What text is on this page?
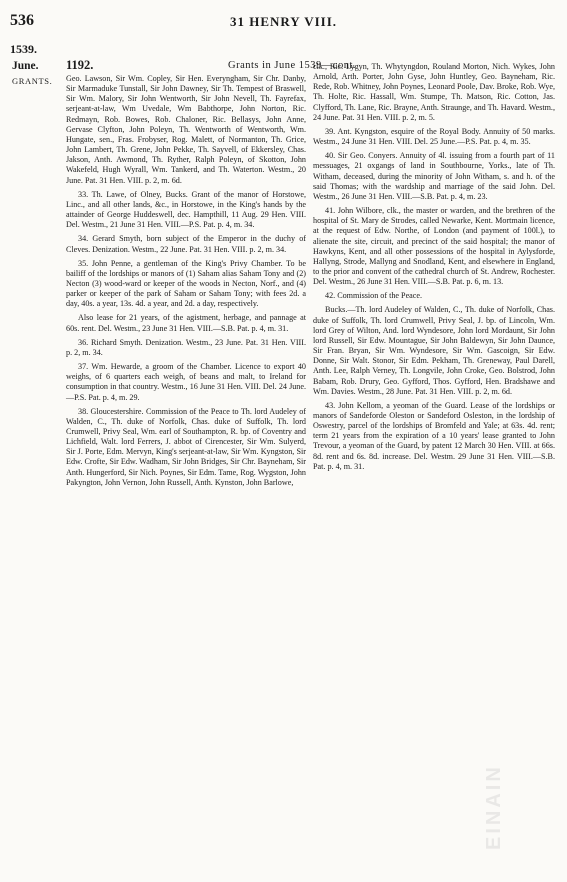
536	31 HENRY VIII.
1539.
June.
GRANTS.
1192.	Grants in June 1539—cont.

Geo. Lawson, Sir Wm. Copley, Sir Hen. Everyngham, Sir Chr. Danby, Sir Marmaduke Tunstall, Sir John Dawney, Sir Th. Tempest of Braswell, Sir Wm. Malory, Sir John Wentworth, Sir John Nevell, Th. Fayrefax, serjeant-at-law, Wm Uvedale, Wm Babthorpe, John Norton, Ric. Redmayn, Rob. Bowes, Rob. Chaloner, Ric. Bellasys, John Anne, Gervase Clyfton, John Poleyn, Th. Wentworth of Wentworth, Wm. Hungate, sen., Fras. Frobyser, Rog. Malett, of Normanton, Th. Grice, John Lambert, Th. Grene, John Pekke, Th. Sayvell, of Ekkersley, Chas. Jakson, Anth. Awmond, Th. Ryther, Ralph Poleyn, of Skotton, John Wakefeld, Hugh Wyrall, Wm. Tankerd, and Th. Waterton. Westm., 20 June. Pat. 31 Hen. VIII. p. 2, m. 6d.

33. Th. Lawe, of Olney, Bucks. Grant of the manor of Horstowe, Linc., and all other lands, &c., in Horstowe, in the King's hands by the attainder of George Huddeswell, dec. Hampthill, 11 Aug. 29 Hen. VIII. Del. Westm., 21 June 31 Hen. VIII.—P.S. Pat. p. 4, m. 34.

34. Gerard Smyth, born subject of the Emperor in the duchy of Cleves. Denization. Westm., 22 June. Pat. 31 Hen. VIII. p. 2, m. 34.

35. John Penne, a gentleman of the King's Privy Chamber. To be bailiff of the lordships or manors of (1) Saham alias Saham Tony and (2) Necton (3) wood-ward or keeper of the woods in Necton, Norf., and (4) parker or keeper of the park of Saham or Saham Tony; with fees 2d. a day, 40s. a year, 13s. 4d. a year, and 2d. a day, respectively.

Also lease for 21 years, of the agistment, herbage, and pannage at 60s. rent. Del. Westm., 23 June 31 Hen. VIII.—S.B. Pat. p. 4, m. 31.

36. Richard Smyth. Denization. Westm., 23 June. Pat. 31 Hen. VIII. p. 2, m. 34.

37. Wm. Hewarde, a groom of the Chamber. Licence to export 40 weighs, of 6 quarters each weigh, of beans and malt, to Ireland for consumption in that country. Westm., 16 June 31 Hen. VIII. Del. 24 June.—P.S. Pat. p. 4, m. 29.

38. Gloucestershire. Commission of the Peace to Th. lord Audeley of Walden, C., Th. duke of Norfolk, Chas. duke of Suffolk, Th. lord Crumwell, Privy Seal, Wm. earl of Southampton, R. bp. of Coventry and Lichfield, Walt. lord Ferrers, J. abbot of Cirencester, Sir Wm. Sulyerd, Sir J. Porte, Edm. Mervyn, King's serjeant-at-law, Sir Wm. Kyngston, Sir Edw. Crofte, Sir Edw. Wadham, Sir John Bridges, Sir Chr. Bayneham, Sir Anth. Hungerford, Sir Nich. Poynes, Sir Edm. Tame, Rog. Wygston, John Pakyngton, John Vernon, John Russell, Anth. Kynston, John Barlowe,

clk., Ric. Lygyn, Th. Whytyngdon, Rouland Morton, Nich. Wykes, John Arnold, Arth. Porter, John Gyse, John Huntley, Geo. Bayneham, Ric. Rede, Rob. Whitney, John Poynes, Leonard Poole, Dav. Broke, Rob. Wye, Th. Holte, Ric. Hassall, Wm. Stumpe, Th. Matson, Ric. Cotton, Jas. Clyfford, Th. Lane, Ric. Brayne, Anth. Straunge, and Th. Havard. Westm., 24 June. Pat. 31 Hen. VIII. p. 2, m. 5.

39. Ant. Kyngston, esquire of the Royal Body. Annuity of 50 marks. Westm., 24 June 31 Hen. VIII. Del. 25 June.—P.S. Pat. p. 4, m. 35.

40. Sir Geo. Conyers. Annuity of 4l. issuing from a fourth part of 11 messuages, 21 oxgangs of land in Southbourne, Yorks., late of Th. Witham, deceased, during the minority of John Witham, s. and h. of the said Thomas; with the wardship and marriage of the said John. Del. Westm., 26 June 31 Hen. VIII.—S.B. Pat. p. 4, m. 23.

41. John Wilbore, clk., the master or warden, and the brethren of the hospital of St. Mary de Strodes, called Newarke, Kent. Mortmain licence, at the request of Edw. Northe, of London (and payment of 100l.), to alienate the site, circuit, and precinct of the said hospital; the manor of Hawkyns, Kent, and all other possessions of the hospital in Aylysforde, Hallyng, Strode, Mallyng and Snodland, Kent, and elsewhere in England, to the prior and convent of the cathedral church of St. Andrew, Rochester. Del. Westm., 26 June 31 Hen. VIII.—S.B. Pat. p. 6, m. 13.

42. Commission of the Peace.

Bucks.—Th. lord Audeley of Walden, C., Th. duke of Norfolk, Chas. duke of Suffolk, Th. lord Crumwell, Privy Seal, J. bp. of Lincoln, Wm. lord Grey of Wilton, And. lord Wyndesore, John lord Mordaunt, Sir John lord Russell, Sir Edw. Mountague, Sir John Baldewyn, Sir John Daunce, Sir Fran. Bryan, Sir Wm. Wyndesore, Sir Wm. Gascoign, Sir Edw. Donne, Sir Walt. Stonor, Sir Edm. Pekham, Th. Greneway, Paul Darell, Anth. Lee, Ralph Verney, Th. Longvile, John Croke, Geo. Bolstrod, John Babam, Rob. Drury, Geo. Gyfford, Thos. Gyfford, Hen. Bradshawe and Wm. Davies. Westm., 28 June. Pat. 31 Hen. VIII. p. 2, m. 6d.

43. John Kellom, a yeoman of the Guard. Lease of the lordships or manors of Sandeforde Oleston or Sandeford Osleston, in the lordship of Oswestry, parcel of the lordships of Bromfeld and Yale; at 63s. 4d. rent; term 21 years from the expiration of a 10 years' lease granted to John Trevour, a yeoman of the Guard, by patent 12 March 30 Hen. VIII. at 66s. 8d. rent and 6s. 8d. increase. Del. Westm. 29 June 31 Hen. VIII.—S.B. Pat. p. 4, m. 31.

EINAIN
